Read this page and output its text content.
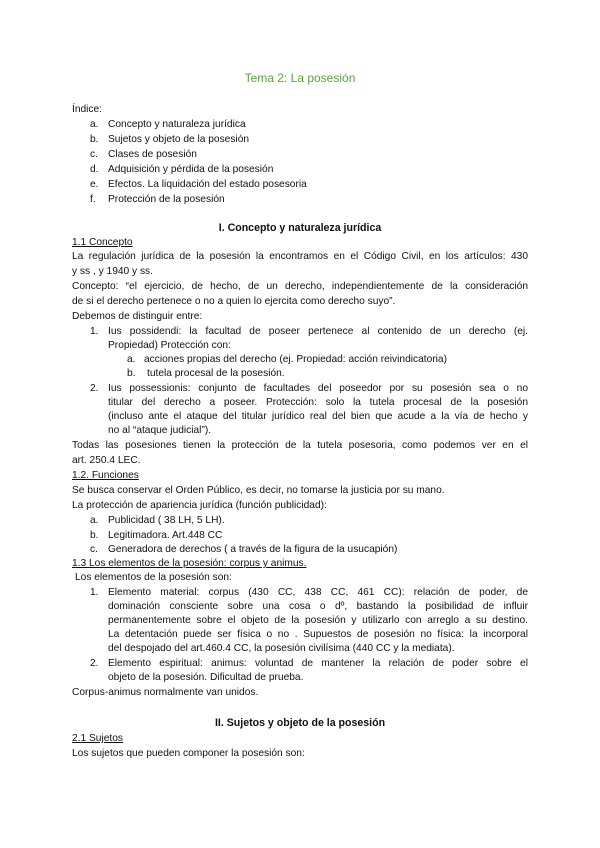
Tema 2: La posesión
Índice:
a. Concepto y naturaleza jurídica
b. Sujetos y objeto de la posesión
c. Clases de posesión
d. Adquisición y pérdida de la posesión
e. Efectos. La liquidación del estado posesoria
f. Protección de la posesión
I. Concepto y naturaleza jurídica
1.1 Concepto
La regulación jurídica de la posesión la encontramos en el Código Civil, en los artículos: 430
y ss , y 1940 y ss.
Concepto: “el ejercicio, de hecho, de un derecho, independientemente de la consideración
de si el derecho pertenece o no a quien lo ejercita como derecho suyo”.
Debemos de distinguir entre:
1. Ius possidendi: la facultad de poseer pertenece al contenido de un derecho (ej.
Propiedad) Protección con:
a. acciones propias del derecho (ej. Propiedad: acción reivindicatoria)
b. tutela procesal de la posesión.
2. Ius possessionis: conjunto de facultades del poseedor por su posesión sea o no
titular del derecho a poseer. Protección: solo la tutela procesal de la posesión
(incluso ante el ataque del titular jurídico real del bien que acude a la vía de hecho y
no al “ataque judicial”).
Todas las posesiones tienen la protección de la tutela posesoria, como podemos ver en el
art. 250.4 LEC.
1.2. Funciones
Se busca conservar el Orden Público, es decir, no tomarse la justicia por su mano.
La protección de apariencia jurídica (función publicidad):
a. Publicidad ( 38 LH, 5 LH).
b. Legitimadora. Art.448 CC
c. Generadora de derechos ( a través de la figura de la usucapión)
1.3 Los elementos de la posesión: corpus y animus.
Los elementos de la posesión son:
1. Elemento material: corpus (430 CC, 438 CC, 461 CC): relación de poder, de
dominación consciente sobre una cosa o dº, bastando la posibilidad de influir
permanentemente sobre el objeto de la posesión y utilizarlo con arreglo a su destino.
La detentación puede ser física o no . Supuestos de posesión no física: la incorporal
del despojado del art.460.4 CC, la posesión civilísima (440 CC y la mediata).
2. Elemento espiritual: animus: voluntad de mantener la relación de poder sobre el
objeto de la posesión. Dificultad de prueba.
Corpus-animus normalmente van unidos.
II. Sujetos y objeto de la posesión
2.1 Sujetos
Los sujetos que pueden componer la posesión son:
